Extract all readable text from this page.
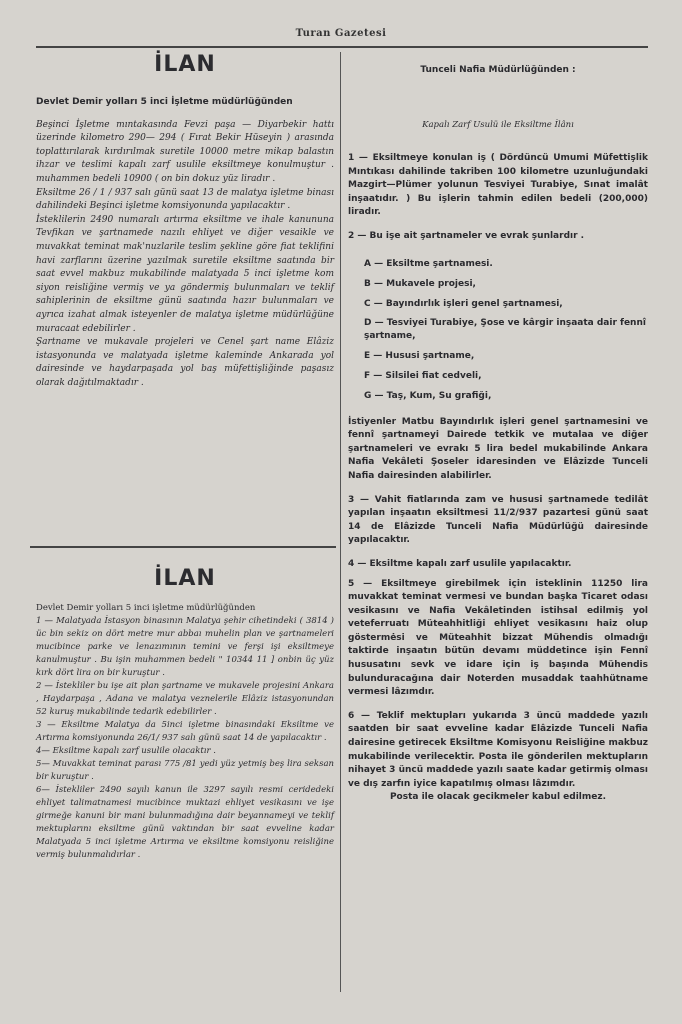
Turan Gazetesi
İLAN
Devlet Demir yolları 5 inci İşletme müdürlüğünden
Beşinci İşletme mıntakasında Fevzi paşa — Diyarbekir hattı üzerinde kilometro 290— 294 ( Fırat Bekir Hüseyin ) arasında toplattırılarak kırdırılmak suretile 10000 metre mikap balastın ihzar ve teslimi kapalı zarf usulile eksiltmeye konulmuştur . muhammen bedeli 10900 ( on bin dokuz yüz liradır .
Eksiltme 26 / 1 / 937 salı günü saat 13 de malatya işletme binası dahilindeki Beşinci işletme komsiyonunda yapılacaktır .
İsteklilerin 2490 numaralı artırma eksiltme ve ihale kanununa Tevfikan ve şartnamede nazılı ehliyet ve diğer vesaikle ve muvakkat teminat mak'nuzlarile teslim şekline göre fiat teklifini havi zarflarını üzerine yazılmak suretile eksiltme saatında bir saat evvel makbuz mukabilinde malatyada 5 inci işletme kom siyon reisliğine vermiş ve ya göndermiş bulunmaları ve teklif sahiplerinin de eksiltme günü saatında hazır bulunmaları ve ayrıca izahat almak isteyenler de malatya işletme müdürlüğüne muracaat edebilirler .
Şartname ve mukavale projeleri ve Cenel şart name Elâziz istasyonunda ve malatyada işletme kalemi̇nde Ankarada yol dairesinde ve haydarpaşada yol baş müfettişliğinde paşasız olarak dağıtılmaktadır .
İLAN
Devlet Demir yolları 5 inci işletme müdürlüğünden
1 — Malatyada İstasyon binasının Malatya şehir cihetindeki ( 3814 ) üc bin sekiz on dört metre mur abbaı muhelin plan ve şartnameleri mucibince parke ve lenazımının temini ve ferşi işi eksiltmeye kanulmuştur . Bu işin muhammen bedeli " 10344 11 ] onbin üç yüz kırk dört lira on bir kuruştur .
2 — İstekliler bu işe ait plan şartname ve mukavele projesini Ankara , Haydarpaşa , Adana ve malatya veznelerile Elâziz istasyonundan 52 kuruş mukabilinde tedarik edebilirler .
3 — Eksiltme Malatya da 5inci işletme binasındaki Eksiltme ve Artırma komsiyonunda 26/1/ 937 salı günü saat 14 de yapılacaktır .
4— Eksiltme kapalı zarf usulile olacaktır .
5— Muvakkat teminat parası 775 /81 yedi yüz yetmiş beş lira seksan bir kuruştur .
6— İstekliler 2490 sayılı kanun ile 3297 sayılı resmi ceridedeki ehliyet talimatnamesi mucibince muktazi ehliyet vesikasını ve işe girmeğe kanuni bir mani bulunmadığına dair beyannameyi ve teklif mektuplarını eksiltme günü vaktından bir saat evveline kadar Malatyada 5 inci işletme Artırma ve eksiltme komsiyonu reisliğine vermiş bulunmalıdırlar .
Tunceli Nafia Müdürlüğünden :
Kapalı Zarf Usulü ile Eksiltme İlânı
1 — Eksiltmeye konulan iş ( Dördüncü Umumi Müfettişlik Mıntıkası dahilinde takriben 100 kilometre uzunluğundaki Mazgirt—Plümer yolunun Tesviyei Turabiye, Sınat imalât inşaatıdır. ) Bu işlerin tahmin edilen bedeli (200,000) liradır.
2 — Bu işe ait şartnameler ve evrak şunlardır .
A — Eksiltme şartnamesi.
B — Mukavele projesi,
C — Bayındırlık işleri genel şartnamesi,
D — Tesviyei Turabiye, Şose ve kârgir inşaata dair fennî şartname,
E — Hususi şartname,
F — Silsilei fiat cedveli,
G — Taş, Kum, Su grafiği,
İstiyenler Matbu Bayındırlık işleri genel şartnamesini ve fennî şartnameyi Dairede tetkik ve mutalaa ve diğer şartnameleri ve evrakı 5 lira bedel mukabilinde Ankara Nafia Vekâleti Şoseler idaresinden ve Elâzizde Tunceli Nafia dairesinden alabilirler.
3 — Vahit fiatlarında zam ve hususi şartnamede tedilât yapılan inşaatın eksiltmesi 11/2/937 pazartesi günü saat 14 de Elâzizde Tunceli Nafia Müdürlüğü dairesinde yapılacaktır.
4 — Eksiltme kapalı zarf usulile yapılacaktır.
5 — Eksiltmeye girebilmek için isteklinin 11250 lira muvakkat teminat vermesi ve bundan başka Ticaret odası vesikasını ve Nafia Vekâletinden istihsal edilmiş yol veteferruatı Müteahhitliği ehliyet vesikasını haiz olup göstermėsi ve Müteahhit bizzat Mühendis olmadığı taktirde inşaatın bütün devamı müddetince işin Fennî hususatını sevk ve idare için iş başında Mühendis bulunduracağına dair Noterden musaddak taahhütname vermesi lâzımdır.
6 — Teklif mektupları yukarıda 3 üncü maddede yazılı saatden bir saat evveline kadar Elâzizde Tunceli Nafia dairesine getirecek Eksiltme Komisyonu Reisliğine makbuz mukabilinde verilecektir. Posta ile gönderilen mektupların nihayet 3 üncü maddede yazılı saate kadar getirmiş olması ve dış zarfın iyice kapatılmış olması lâzımdır.
Posta ile olacak gecikmeler kabul edilmez.
